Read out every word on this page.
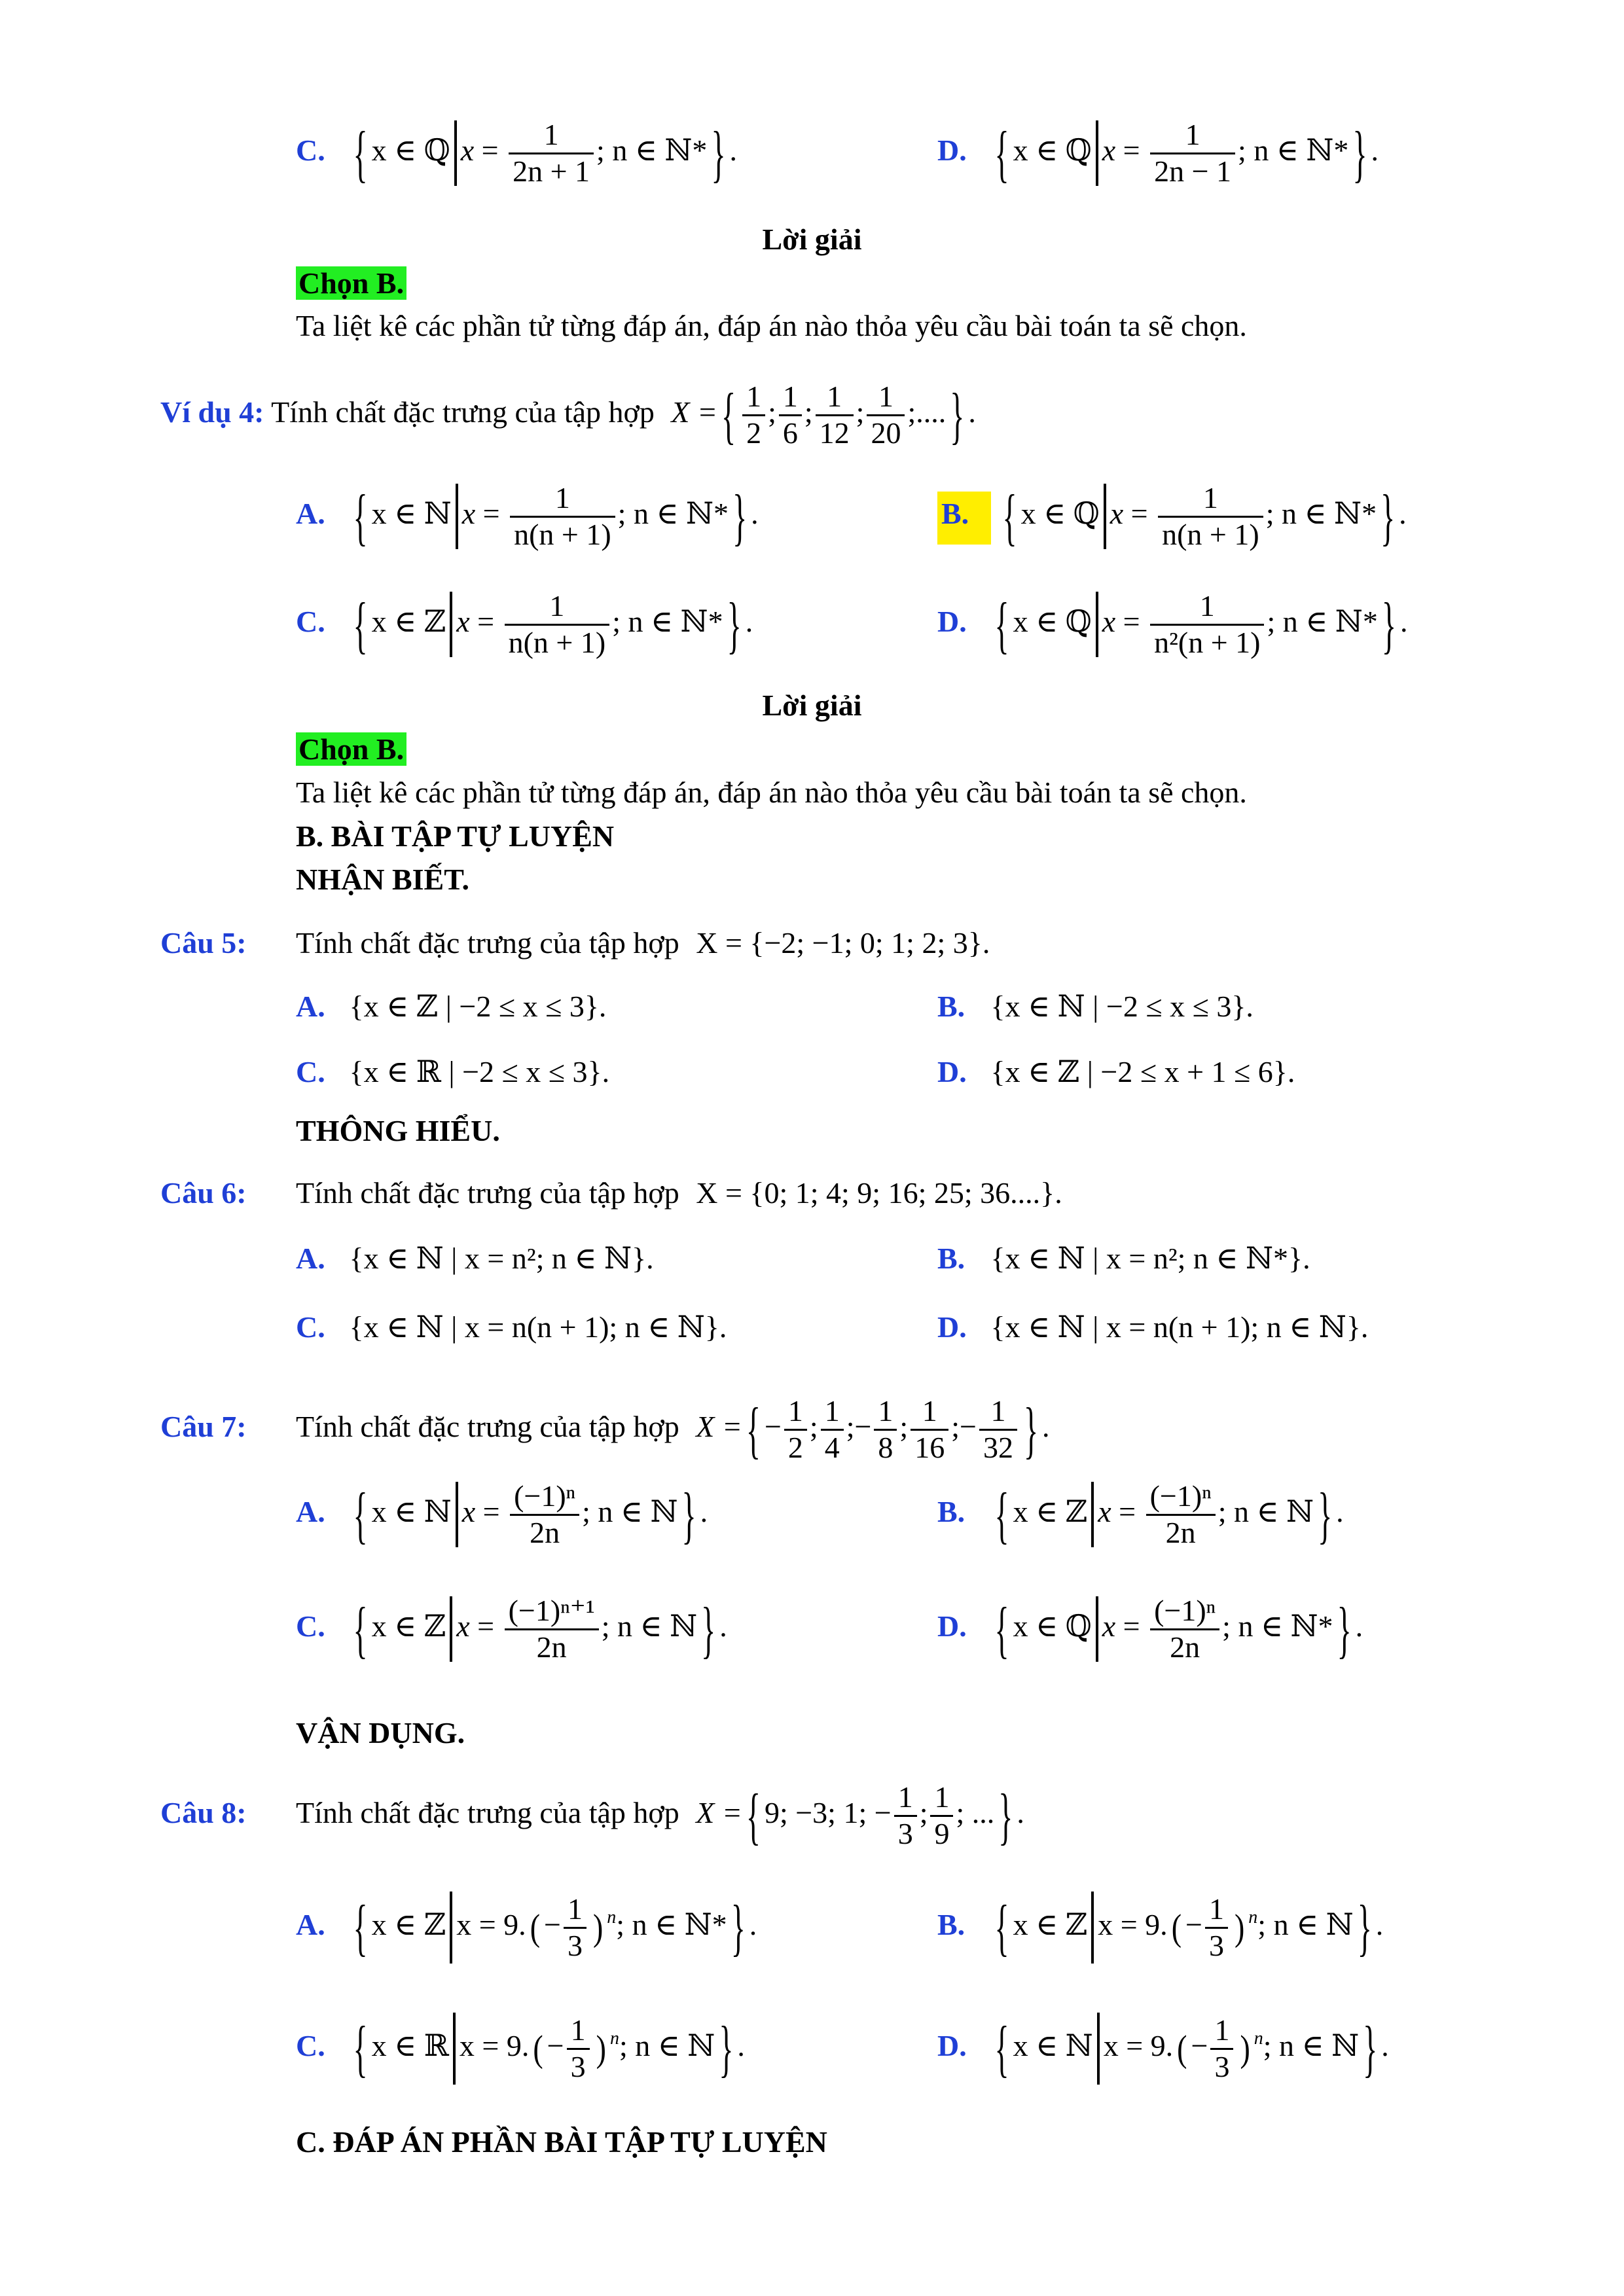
C. { x ∈ ℚ $x = \frac{1}{2n + 1}$ ; n ∈ ℕ* } .	D. { x ∈ ℚ $x = \frac{1}{2n - 1}$ ; n ∈ ℕ* } .
Lời giải
Chọn B.
Ta liệt kê các phần tử từng đáp án, đáp án nào thỏa yêu cầu bài toán ta sẽ chọn.
Ví dụ 4: Tính chất đặc trưng của tập hợp X = { $\frac{1}{2}$ ; $\frac{1}{6}$ ; $\frac{1}{12}$ ; $\frac{1}{20}$ ;.... } .
A. { x ∈ ℕ $x = \frac{1}{n(n + 1)}$ ; n ∈ ℕ* } .	B. { x ∈ ℚ $x = \frac{1}{n(n + 1)}$ ; n ∈ ℕ* } .
C. { x ∈ ℤ $x = \frac{1}{n(n + 1)}$ ; n ∈ ℕ* } .	D. { x ∈ ℚ $x = \frac{1}{\text{n²(n + 1)}}$ ; n ∈ ℕ* } .
Lời giải
Chọn B.
Ta liệt kê các phần tử từng đáp án, đáp án nào thỏa yêu cầu bài toán ta sẽ chọn.
B. BÀI TẬP TỰ LUYỆN
NHẬN BIẾT.
Câu 5: Tính chất đặc trưng của tập hợp X = {−2; −1; 0; 1; 2; 3}.
A. {x ∈ ℤ | −2 ≤ x ≤ 3}.	B. {x ∈ ℕ | −2 ≤ x ≤ 3}.
C. {x ∈ ℝ | −2 ≤ x ≤ 3}.	D. {x ∈ ℤ | −2 ≤ x + 1 ≤ 6}.
THÔNG HIỂU.
Câu 6: Tính chất đặc trưng của tập hợp X = {0; 1; 4; 9; 16; 25; 36....}.
A. {x ∈ ℕ | x = n²; n ∈ ℕ}.	B. {x ∈ ℕ | x = n²; n ∈ ℕ*}.
C. {x ∈ ℕ | x = n(n + 1); n ∈ ℕ}.	D. {x ∈ ℕ | x = n(n + 1); n ∈ ℕ}.
Câu 7: Tính chất đặc trưng của tập hợp X = { − $\frac{1}{2}$ ; $\frac{1}{4}$ ;− $\frac{1}{8}$ ; $\frac{1}{16}$ ;− $\frac{1}{32}$ } .
A. { x ∈ ℕ $x = \frac{\text{(−1)ⁿ}}{2n}$ ; n ∈ ℕ } .	B. { x ∈ ℤ $x = \frac{\text{(−1)ⁿ}}{2n}$ ; n ∈ ℕ } .
C. { x ∈ ℤ $x = \frac{\text{(−1)ⁿ⁺¹}}{2n}$ ; n ∈ ℕ } .	D. { x ∈ ℚ $x = \frac{\text{(−1)ⁿ}}{2n}$ ; n ∈ ℕ* } .
VẬN DỤNG.
Câu 8: Tính chất đặc trưng của tập hợp X = { 9; −3; 1; − $\frac{1}{3}$ ; $\frac{1}{9}$ ; ... } .
A. { x ∈ ℤ x = 9. ( − $\frac{1}{3}$ ) $^n$; n ∈ ℕ* } .	B. { x ∈ ℤ x = 9. ( − $\frac{1}{3}$ ) $^n$; n ∈ ℕ } .
C. { x ∈ ℝ x = 9. ( − $\frac{1}{3}$ ) $^n$; n ∈ ℕ } .	D. { x ∈ ℕ x = 9. ( − $\frac{1}{3}$ ) $^n$; n ∈ ℕ } .
C. ĐÁP ÁN PHẦN BÀI TẬP TỰ LUYỆN
